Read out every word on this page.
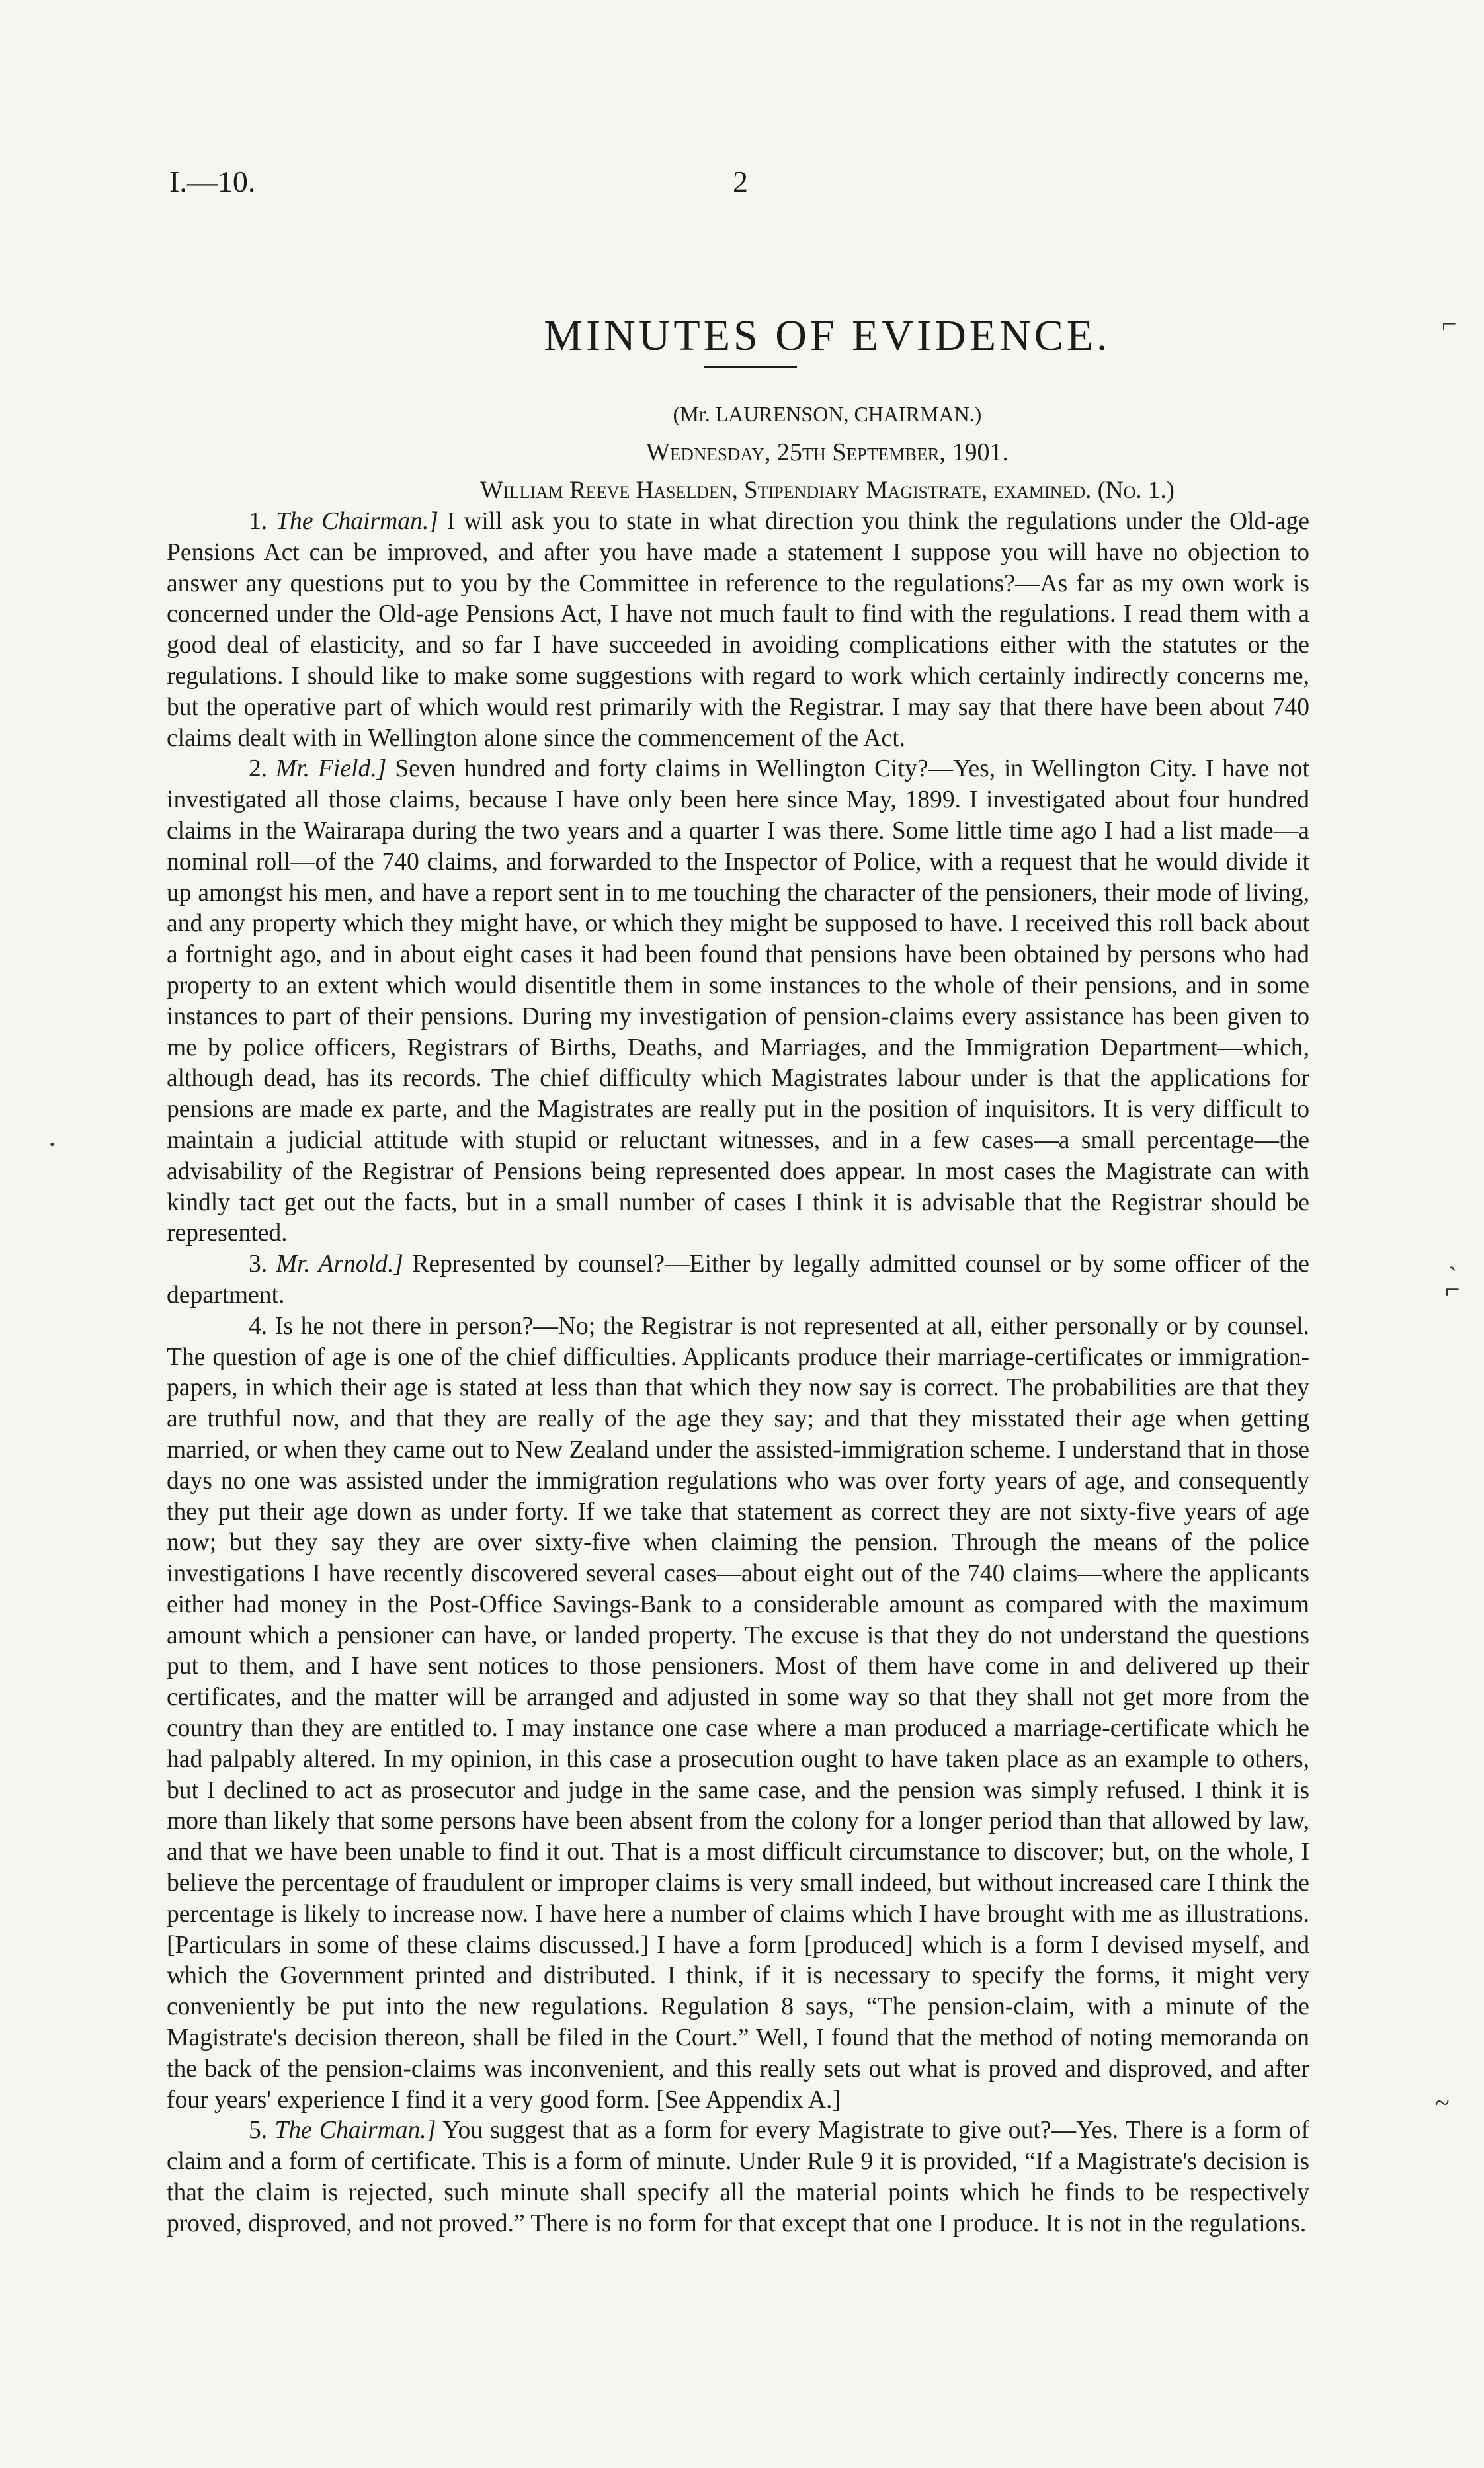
I.—10.	2
MINUTES OF EVIDENCE.
(Mr. LAURENSON, CHAIRMAN.)
Wednesday, 25th September, 1901.
William Reeve Haselden, Stipendiary Magistrate, examined. (No. 1.)

1. The Chairman.] I will ask you to state in what direction you think the regulations under the Old-age Pensions Act can be improved, and after you have made a statement I suppose you will have no objection to answer any questions put to you by the Committee in reference to the regulations?—As far as my own work is concerned under the Old-age Pensions Act, I have not much fault to find with the regulations. I read them with a good deal of elasticity, and so far I have succeeded in avoiding complications either with the statutes or the regulations. I should like to make some suggestions with regard to work which certainly indirectly concerns me, but the operative part of which would rest primarily with the Registrar. I may say that there have been about 740 claims dealt with in Wellington alone since the commencement of the Act.

2. Mr. Field.] Seven hundred and forty claims in Wellington City?—Yes, in Wellington City. I have not investigated all those claims, because I have only been here since May, 1899. I investigated about four hundred claims in the Wairarapa during the two years and a quarter I was there. Some little time ago I had a list made—a nominal roll—of the 740 claims, and forwarded to the Inspector of Police, with a request that he would divide it up amongst his men, and have a report sent in to me touching the character of the pensioners, their mode of living, and any property which they might have, or which they might be supposed to have. I received this roll back about a fortnight ago, and in about eight cases it had been found that pensions have been obtained by persons who had property to an extent which would disentitle them in some instances to the whole of their pensions, and in some instances to part of their pensions. During my investigation of pension-claims every assistance has been given to me by police officers, Registrars of Births, Deaths, and Marriages, and the Immigration Department—which, although dead, has its records. The chief difficulty which Magistrates labour under is that the applications for pensions are made ex parte, and the Magistrates are really put in the position of inquisitors. It is very difficult to maintain a judicial attitude with stupid or reluctant witnesses, and in a few cases—a small percentage—the advisability of the Registrar of Pensions being represented does appear. In most cases the Magistrate can with kindly tact get out the facts, but in a small number of cases I think it is advisable that the Registrar should be represented.

3. Mr. Arnold.] Represented by counsel?—Either by legally admitted counsel or by some officer of the department.

4. Is he not there in person?—No; the Registrar is not represented at all, either personally or by counsel. The question of age is one of the chief difficulties. Applicants produce their marriage-certificates or immigration-papers, in which their age is stated at less than that which they now say is correct. The probabilities are that they are truthful now, and that they are really of the age they say; and that they misstated their age when getting married, or when they came out to New Zealand under the assisted-immigration scheme. I understand that in those days no one was assisted under the immigration regulations who was over forty years of age, and consequently they put their age down as under forty. If we take that statement as correct they are not sixty-five years of age now; but they say they are over sixty-five when claiming the pension. Through the means of the police investigations I have recently discovered several cases—about eight out of the 740 claims—where the applicants either had money in the Post-Office Savings-Bank to a considerable amount as compared with the maximum amount which a pensioner can have, or landed property. The excuse is that they do not understand the questions put to them, and I have sent notices to those pensioners. Most of them have come in and delivered up their certificates, and the matter will be arranged and adjusted in some way so that they shall not get more from the country than they are entitled to. I may instance one case where a man produced a marriage-certificate which he had palpably altered. In my opinion, in this case a prosecution ought to have taken place as an example to others, but I declined to act as prosecutor and judge in the same case, and the pension was simply refused. I think it is more than likely that some persons have been absent from the colony for a longer period than that allowed by law, and that we have been unable to find it out. That is a most difficult circumstance to discover; but, on the whole, I believe the percentage of fraudulent or improper claims is very small indeed, but without increased care I think the percentage is likely to increase now. I have here a number of claims which I have brought with me as illustrations. [Particulars in some of these claims discussed.] I have a form [produced] which is a form I devised myself, and which the Government printed and distributed. I think, if it is necessary to specify the forms, it might very conveniently be put into the new regulations. Regulation 8 says, “The pension-claim, with a minute of the Magistrate's decision thereon, shall be filed in the Court.” Well, I found that the method of noting memoranda on the back of the pension-claims was inconvenient, and this really sets out what is proved and disproved, and after four years' experience I find it a very good form. [See Appendix A.]

5. The Chairman.] You suggest that as a form for every Magistrate to give out?—Yes. There is a form of claim and a form of certificate. This is a form of minute. Under Rule 9 it is provided, “If a Magistrate's decision is that the claim is rejected, such minute shall specify all the material points which he finds to be respectively proved, disproved, and not proved.” There is no form for that except that one I produce. It is not in the regulations.

⌐
ˎ
⌐
~
•
